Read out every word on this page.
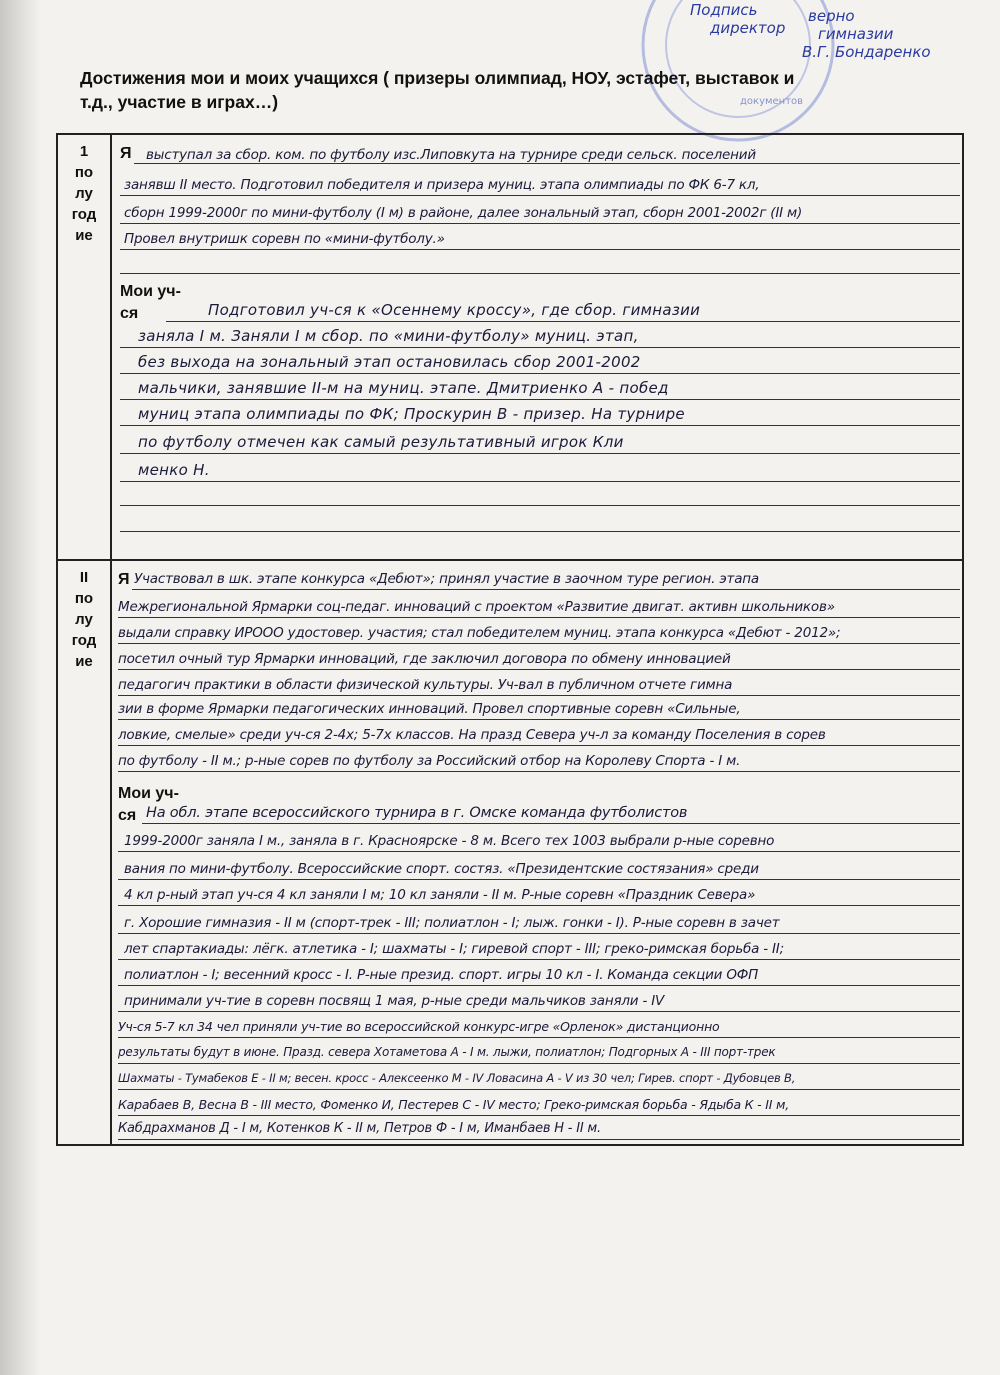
документов
Подпись
директор
верно
гимназии
В.Г. Бондаренко
Достижения мои и моих учащихся ( призеры олимпиад, НОУ, эстафет, выставок и
т.д., участие в играх…)
1
по
лу
год
ие
Я выступал за сбор. ком. по футболу изс.Липовкута на турнире среди сельск. поселений
занявш II место. Подготовил победителя и призера муниц. этапа олимпиады по ФК 6-7 кл,
сборн 1999-2000г по мини-футболу (I м) в районе, далее зональный этап, сборн 2001-2002г (II м)
Провел внутришк соревн по «мини-футболу.»
Мои уч-
ся	Подготовил уч-ся к «Осеннему кроссу», где сбор. гимназии
заняла I м. Заняли I м сбор. по «мини-футболу» муниц. этап,
без выхода на зональный этап остановилась сбор 2001-2002
мальчики, занявшие II-м на муниц. этапе. Дмитриенко А - побед
муниц этапа олимпиады по ФК; Проскурин В - призер. На турнире
по футболу отмечен как самый результативный игрок Кли
менко Н.
II
по
лу
год
ие
Я Участвовал в шк. этапе конкурса «Дебют»; принял участие в заочном туре регион. этапа
Межрегиональной Ярмарки соц-педаг. инноваций с проектом «Развитие двигат. активн школьников»
выдали справку ИРООО удостовер. участия; стал победителем муниц. этапа конкурса «Дебют - 2012»;
посетил очный тур Ярмарки инноваций, где заключил договора по обмену инновацией
педагогич практики в области физической культуры. Уч-вал в публичном отчете гимна
зии в форме Ярмарки педагогических инноваций. Провел спортивные соревн «Сильные,
ловкие, смелые» среди уч-ся 2-4х; 5-7х классов. На празд Севера уч-л за команду Поселения в сорев
по футболу - II м.; р-ные сорев по футболу за Российский отбор на Королеву Спорта - I м.
Мои уч-
ся На обл. этапе всероссийского турнира в г. Омске команда футболистов
1999-2000г заняла I м., заняла в г. Красноярске - 8 м. Всего тех 1003 выбрали р-ные соревно
вания по мини-футболу. Всероссийские спорт. состяз. «Президентские состязания» среди
4 кл р-ный этап уч-ся 4 кл заняли I м; 10 кл заняли - II м. Р-ные соревн «Праздник Севера»
г. Хорошие гимназия - II м (спорт-трек - III; полиатлон - I; лыж. гонки - I). Р-ные соревн в зачет
лет спартакиады: лёгк. атлетика - I; шахматы - I; гиревой спорт - III; греко-римская борьба - II;
полиатлон - I; весенний кросс - I. Р-ные презид. спорт. игры 10 кл - I. Команда секции ОФП
принимали уч-тие в соревн посвящ 1 мая, р-ные среди мальчиков заняли - IV
Уч-ся 5-7 кл 34 чел приняли уч-тие во всероссийской конкурс-игре «Орленок» дистанционно
результаты будут в июне. Празд. севера Хотаметова А - I м. лыжи, полиатлон; Подгорных А - III порт-трек
Шахматы - Тумабеков Е - II м; весен. кросс - Алексеенко М - IV Ловасина А - V из 30 чел; Гирев. спорт - Дубовцев В,
Карабаев В, Весна В - III место, Фоменко И, Пестерев С - IV место; Греко-римская борьба - Ядыба К - II м,
Кабдрахманов Д - I м, Котенков К - II м, Петров Ф - I м, Иманбаев Н - II м.
